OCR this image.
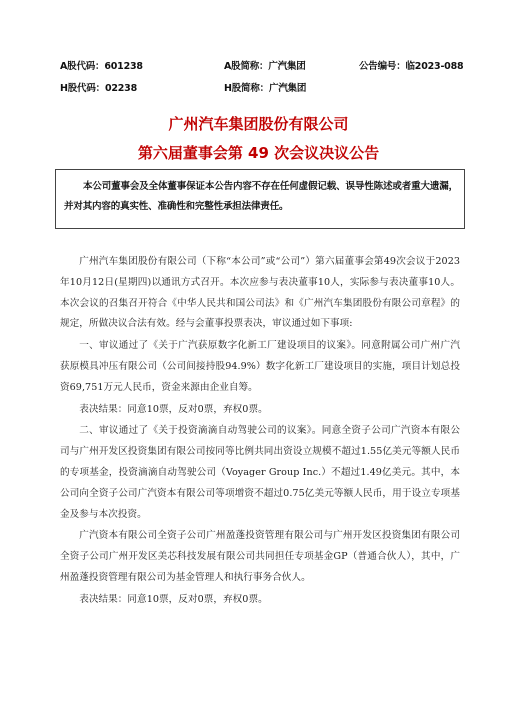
A股代码：601238	A股简称：广汽集团	公告编号：临2023-088
H股代码：02238	H股简称：广汽集团
广州汽车集团股份有限公司
第六届董事会第 49 次会议决议公告

本公司董事会及全体董事保证本公告内容不存在任何虚假记载、误导性陈述或者重大遗漏，并对其内容的真实性、准确性和完整性承担法律责任。

广州汽车集团股份有限公司（下称“本公司”或“公司”）第六届董事会第49次会议于2023年10月12日(星期四)以通讯方式召开。本次应参与表决董事10人，实际参与表决董事10人。本次会议的召集召开符合《中华人民共和国公司法》和《广州汽车集团股份有限公司章程》的规定，所做决议合法有效。经与会董事投票表决，审议通过如下事项:

一、审议通过了《关于广汽获原数字化新工厂建设项目的议案》。同意附属公司广州广汽获原模具冲压有限公司（公司间接持股94.9%）数字化新工厂建设项目的实施，项目计划总投资69,751万元人民币，资金来源由企业自筹。

表决结果：同意10票，反对0票，弃权0票。

二、审议通过了《关于投资滴滴自动驾驶公司的议案》。同意全资子公司广汽资本有限公司与广州开发区投资集团有限公司按同等比例共同出资设立规模不超过1.55亿美元等额人民币的专项基金，投资滴滴自动驾驶公司（Voyager Group Inc.）不超过1.49亿美元。其中，本公司向全资子公司广汽资本有限公司等项增资不超过0.75亿美元等额人民币，用于设立专项基金及参与本次投资。

广汽资本有限公司全资子公司广州盈蓬投资管理有限公司与广州开发区投资集团有限公司全资子公司广州开发区美芯科技发展有限公司共同担任专项基金GP（普通合伙人），其中，广州盈蓬投资管理有限公司为基金管理人和执行事务合伙人。

表决结果：同意10票，反对0票，弃权0票。
